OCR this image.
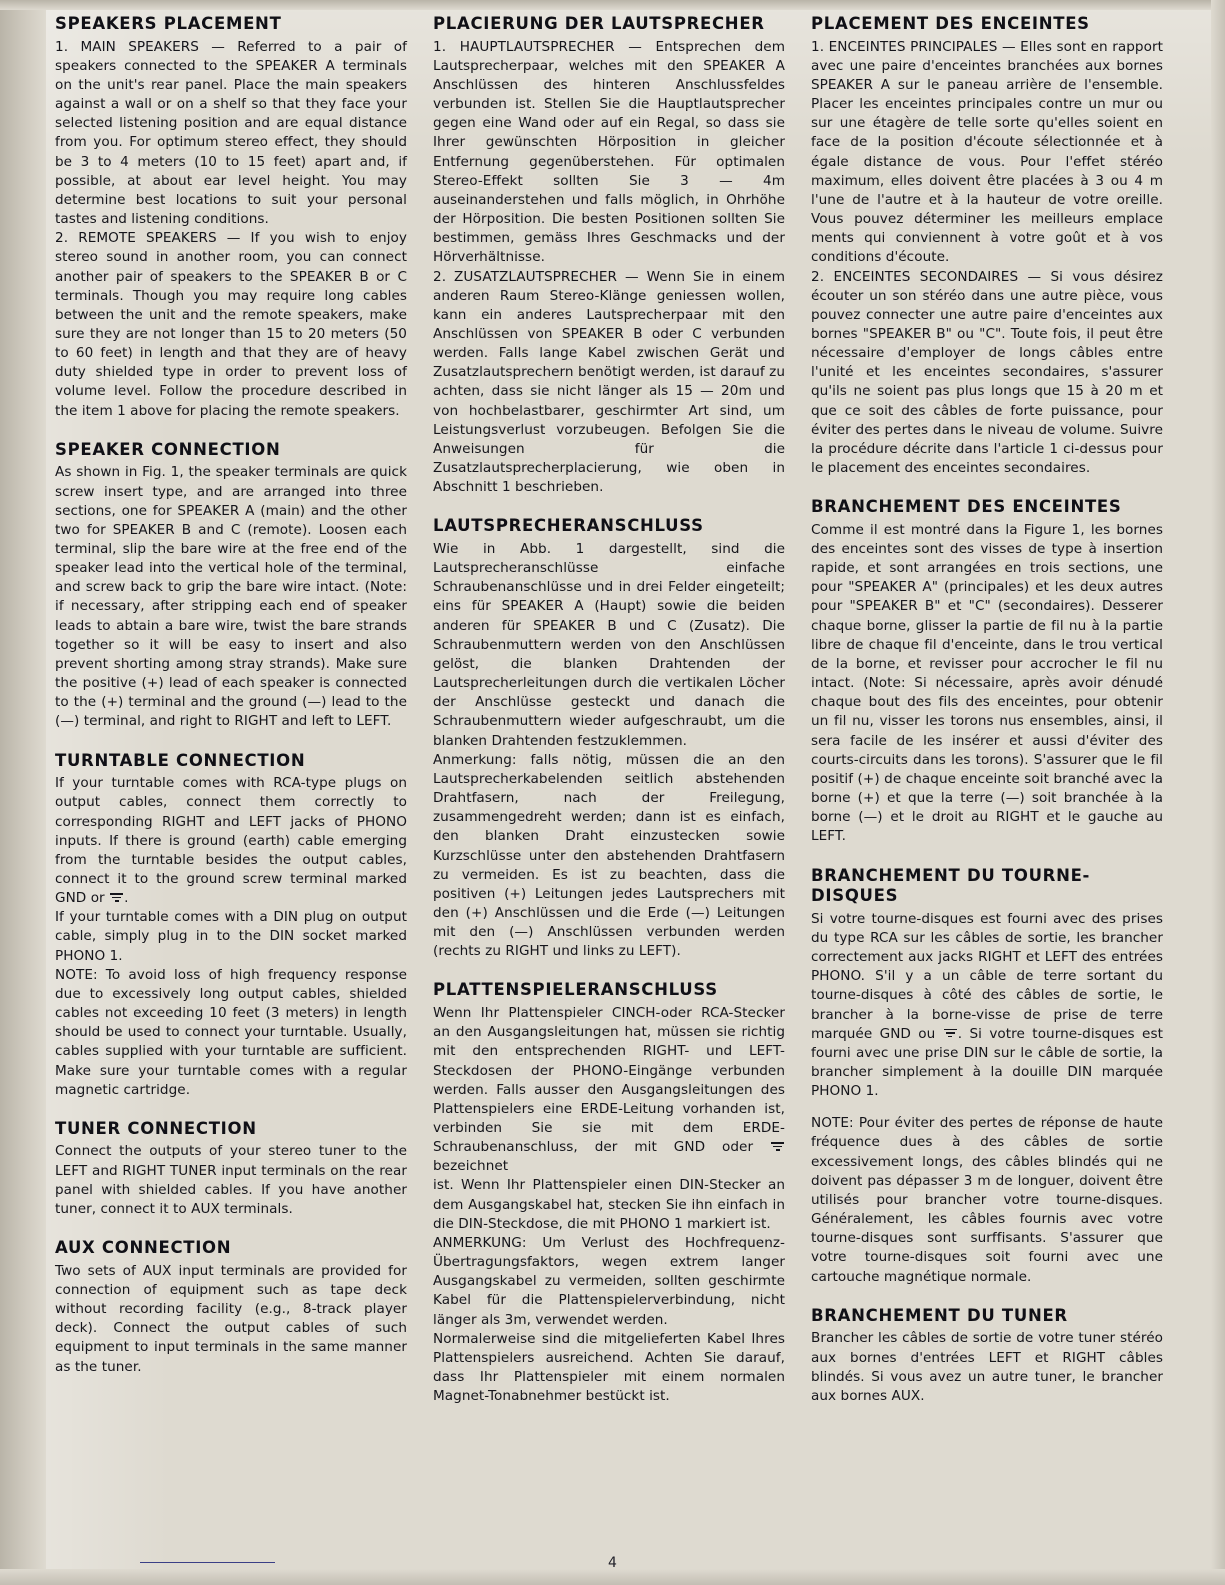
SPEAKERS PLACEMENT

1. MAIN SPEAKERS — Referred to a pair of speakers connected to the SPEAKER A terminals on the unit's rear panel. Place the main speakers against a wall or on a shelf so that they face your selected listening position and are equal distance from you. For optimum stereo effect, they should be 3 to 4 meters (10 to 15 feet) apart and, if possible, at about ear level height. You may determine best locations to suit your personal tastes and listening conditions.

2. REMOTE SPEAKERS — If you wish to enjoy stereo sound in another room, you can connect another pair of speakers to the SPEAKER B or C terminals. Though you may require long cables between the unit and the remote speakers, make sure they are not longer than 15 to 20 meters (50 to 60 feet) in length and that they are of heavy duty shielded type in order to prevent loss of volume level. Follow the procedure described in the item 1 above for placing the remote speakers.

SPEAKER CONNECTION

As shown in Fig. 1, the speaker terminals are quick screw insert type, and are arranged into three sections, one for SPEAKER A (main) and the other two for SPEAKER B and C (remote). Loosen each terminal, slip the bare wire at the free end of the speaker lead into the vertical hole of the terminal, and screw back to grip the bare wire intact. (Note: if necessary, after stripping each end of speaker leads to abtain a bare wire, twist the bare strands together so it will be easy to insert and also prevent shorting among stray strands). Make sure the positive (+) lead of each speaker is connected to the (+) terminal and the ground (—) lead to the (—) terminal, and right to RIGHT and left to LEFT.

TURNTABLE CONNECTION

If your turntable comes with RCA-type plugs on output cables, connect them correctly to corresponding RIGHT and LEFT jacks of PHONO inputs. If there is ground (earth) cable emerging from the turntable besides the output cables, connect it to the ground screw terminal marked GND or
.

If your turntable comes with a DIN plug on output cable, simply plug in to the DIN socket marked PHONO 1.

NOTE: To avoid loss of high frequency response due to excessively long output cables, shielded cables not exceeding 10 feet (3 meters) in length should be used to connect your turntable. Usually, cables supplied with your turntable are sufficient. Make sure your turntable comes with a regular magnetic cartridge.

TUNER CONNECTION

Connect the outputs of your stereo tuner to the LEFT and RIGHT TUNER input terminals on the rear panel with shielded cables. If you have another tuner, connect it to AUX terminals.

AUX CONNECTION

Two sets of AUX input terminals are provided for connection of equipment such as tape deck without recording facility (e.g., 8-track player deck). Connect the output cables of such equipment to input terminals in the same manner as the tuner.

PLACIERUNG DER LAUTSPRECHER

1. HAUPTLAUTSPRECHER — Entsprechen dem Lautsprecherpaar, welches mit den SPEAKER A Anschlüssen des hinteren Anschlussfeldes verbunden ist. Stellen Sie die Hauptlautsprecher gegen eine Wand oder auf ein Regal, so dass sie Ihrer gewünschten Hörposition in gleicher Entfernung gegenüberstehen. Für optimalen Stereo-Effekt sollten Sie 3 — 4m auseinanderstehen und falls möglich, in Ohrhöhe der Hörposition. Die besten Positionen sollten Sie bestimmen, gemäss Ihres Geschmacks und der Hörverhältnisse.

2. ZUSATZLAUTSPRECHER — Wenn Sie in einem anderen Raum Stereo-Klänge geniessen wollen, kann ein anderes Lautsprecherpaar mit den Anschlüssen von SPEAKER B oder C verbunden werden. Falls lange Kabel zwischen Gerät und Zusatzlautsprechern benötigt werden, ist darauf zu achten, dass sie nicht länger als 15 — 20m und von hochbelastbarer, geschirmter Art sind, um Leistungsverlust vorzubeugen. Befolgen Sie die Anweisungen für die Zusatzlautsprecherplacierung, wie oben in Abschnitt 1 beschrieben.

LAUTSPRECHERANSCHLUSS

Wie in Abb. 1 dargestellt, sind die Lautsprecheranschlüsse einfache Schraubenanschlüsse und in drei Felder eingeteilt; eins für SPEAKER A (Haupt) sowie die beiden anderen für SPEAKER B und C (Zusatz). Die Schraubenmuttern werden von den Anschlüssen gelöst, die blanken Drahtenden der Lautsprecherleitungen durch die vertikalen Löcher der Anschlüsse gesteckt und danach die Schraubenmuttern wieder aufgeschraubt, um die blanken Drahtenden festzuklemmen.

Anmerkung: falls nötig, müssen die an den Lautsprecherkabelenden seitlich abstehenden Drahtfasern, nach der Freilegung, zusammengedreht werden; dann ist es einfach, den blanken Draht einzustecken sowie Kurzschlüsse unter den abstehenden Drahtfasern zu vermeiden. Es ist zu beachten, dass die positiven (+) Leitungen jedes Lautsprechers mit den (+) Anschlüssen und die Erde (—) Leitungen mit den (—) Anschlüssen verbunden werden (rechts zu RIGHT und links zu LEFT).

PLATTENSPIELERANSCHLUSS

Wenn Ihr Plattenspieler CINCH-oder RCA-Stecker an den Ausgangsleitungen hat, müssen sie richtig mit den entsprechenden RIGHT- und LEFT-Steckdosen der PHONO-Eingänge verbunden werden. Falls ausser den Ausgangsleitungen des Plattenspielers eine ERDE-Leitung vorhanden ist, verbinden Sie sie mit dem ERDE-Schraubenanschluss, der mit GND oder
bezeichnet

ist. Wenn Ihr Plattenspieler einen DIN-Stecker an dem Ausgangskabel hat, stecken Sie ihn einfach in die DIN-Steckdose, die mit PHONO 1 markiert ist.

ANMERKUNG: Um Verlust des Hochfrequenz-Übertragungsfaktors, wegen extrem langer Ausgangskabel zu vermeiden, sollten geschirmte Kabel für die Plattenspielerverbindung, nicht länger als 3m, verwendet werden.

Normalerweise sind die mitgelieferten Kabel Ihres Plattenspielers ausreichend. Achten Sie darauf, dass Ihr Plattenspieler mit einem normalen Magnet-Tonabnehmer bestückt ist.

PLACEMENT DES ENCEINTES

1. ENCEINTES PRINCIPALES — Elles sont en rapport avec une paire d'enceintes branchées aux bornes SPEAKER A sur le paneau arrière de l'ensemble. Placer les enceintes principales contre un mur ou sur une étagère de telle sorte qu'elles soient en face de la position d'écoute sélectionnée et à égale distance de vous. Pour l'effet stéréo maximum, elles doivent être placées à 3 ou 4 m l'une de l'autre et à la hauteur de votre oreille. Vous pouvez déterminer les meilleurs emplace ments qui conviennent à votre goût et à vos conditions d'écoute.

2. ENCEINTES SECONDAIRES — Si vous désirez écouter un son stéréo dans une autre pièce, vous pouvez connecter une autre paire d'enceintes aux bornes "SPEAKER B" ou "C". Toute fois, il peut être nécessaire d'employer de longs câbles entre l'unité et les enceintes secondaires, s'assurer qu'ils ne soient pas plus longs que 15 à 20 m et que ce soit des câbles de forte puissance, pour éviter des pertes dans le niveau de volume. Suivre la procédure décrite dans l'article 1 ci-dessus pour le placement des enceintes secondaires.

BRANCHEMENT DES ENCEINTES

Comme il est montré dans la Figure 1, les bornes des enceintes sont des visses de type à insertion rapide, et sont arrangées en trois sections, une pour "SPEAKER A" (principales) et les deux autres pour "SPEAKER B" et "C" (secondaires). Desserer chaque borne, glisser la partie de fil nu à la partie libre de chaque fil d'enceinte, dans le trou vertical de la borne, et revisser pour accrocher le fil nu intact. (Note: Si nécessaire, après avoir dénudé chaque bout des fils des enceintes, pour obtenir un fil nu, visser les torons nus ensembles, ainsi, il sera facile de les insérer et aussi d'éviter des courts-circuits dans les torons). S'assurer que le fil positif (+) de chaque enceinte soit branché avec la borne (+) et que la terre (—) soit branchée à la borne (—) et le droit au RIGHT et le gauche au LEFT.

BRANCHEMENT DU TOURNE-DISQUES

Si votre tourne-disques est fourni avec des prises du type RCA sur les câbles de sortie, les brancher correctement aux jacks RIGHT et LEFT des entrées PHONO. S'il y a un câble de terre sortant du tourne-disques à côté des câbles de sortie, le brancher à la borne-visse de prise de terre marquée GND ou
. Si votre tourne-disques est fourni avec une prise DIN sur le câble de sortie, la brancher simplement à la douille DIN marquée PHONO 1.

NOTE: Pour éviter des pertes de réponse de haute fréquence dues à des câbles de sortie excessivement longs, des câbles blindés qui ne doivent pas dépasser 3 m de longuer, doivent être utilisés pour brancher votre tourne-disques. Généralement, les câbles fournis avec votre tourne-disques sont surffisants. S'assurer que votre tourne-disques soit fourni avec une cartouche magnétique normale.

BRANCHEMENT DU TUNER

Brancher les câbles de sortie de votre tuner stéréo aux bornes d'entrées LEFT et RIGHT câbles blindés. Si vous avez un autre tuner, le brancher aux bornes AUX.

4
